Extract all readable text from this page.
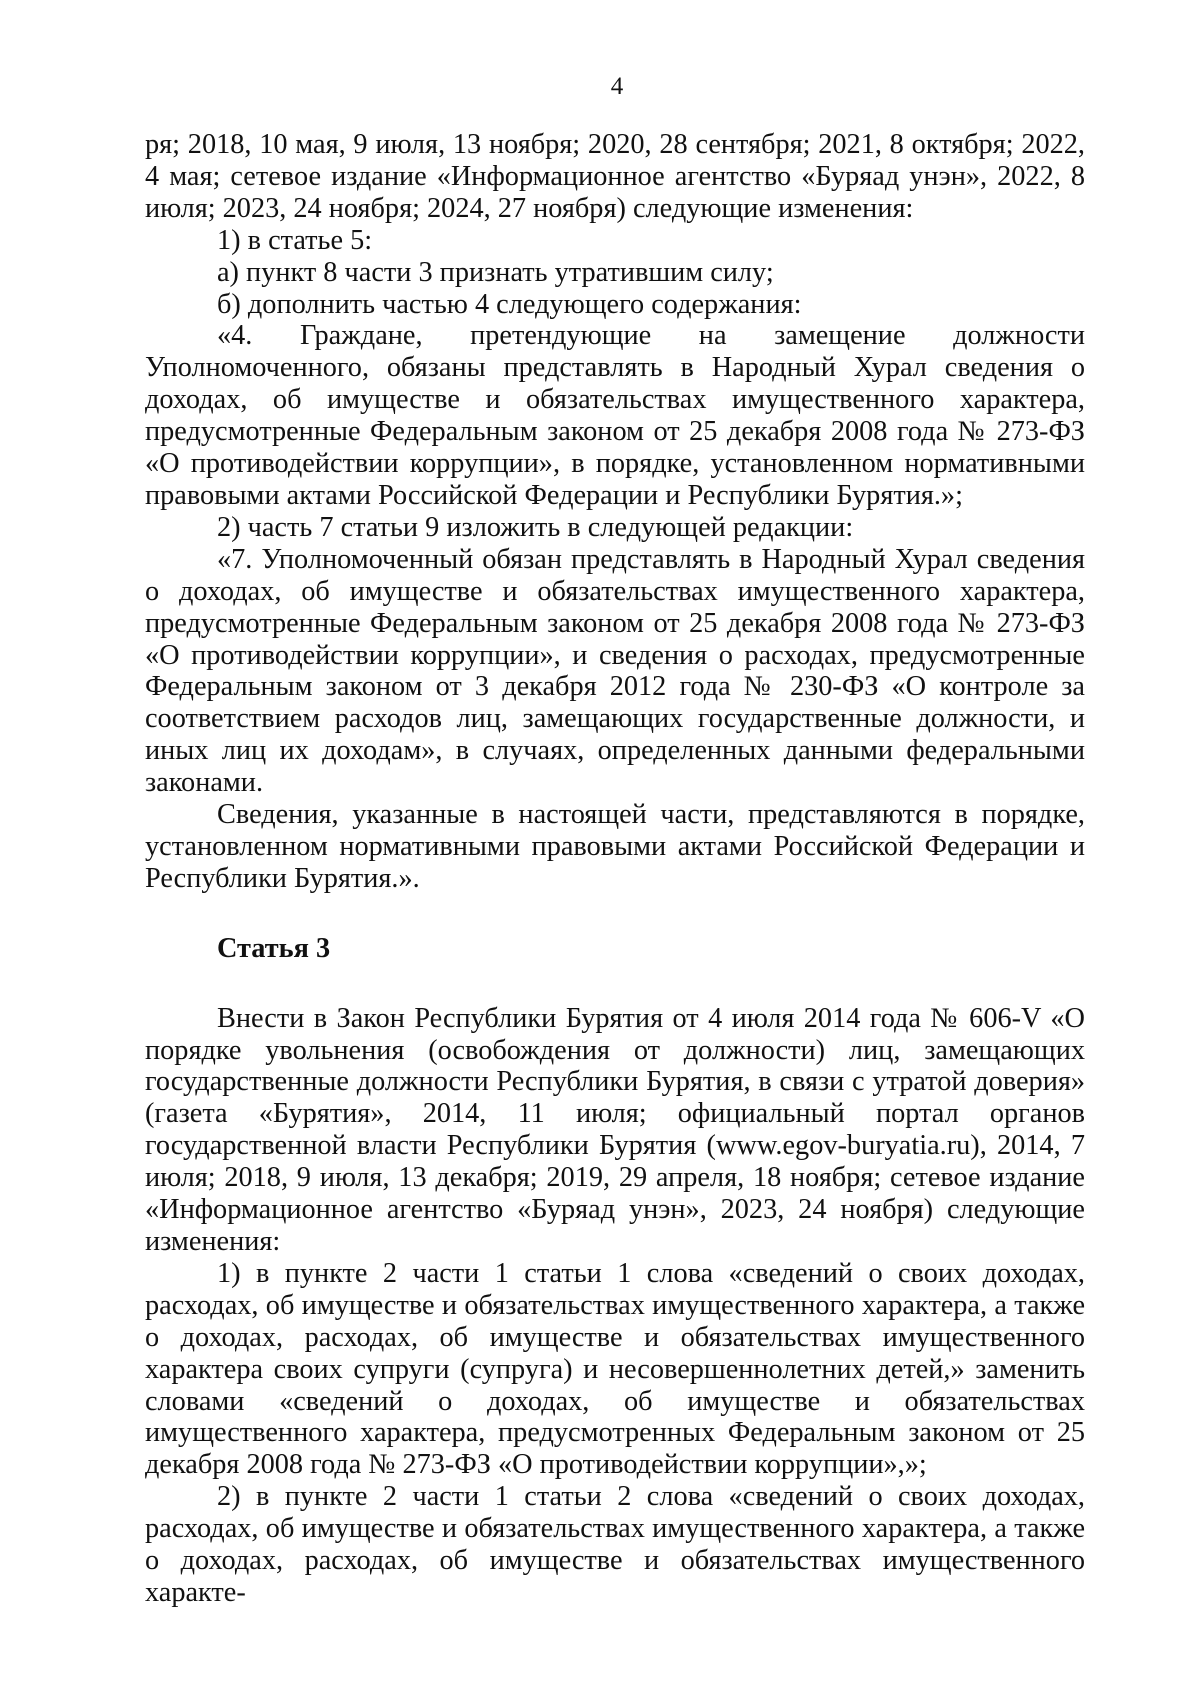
4

ря; 2018, 10 мая, 9 июля, 13 ноября; 2020, 28 сентября; 2021, 8 октября; 2022, 4 мая; сетевое издание «Информационное агентство «Буряад унэн», 2022, 8 июля; 2023, 24 ноября; 2024, 27 ноября) следующие изменения:

1) в статье 5:

а) пункт 8 части 3 признать утратившим силу;

б) дополнить частью 4 следующего содержания:

«4. Граждане, претендующие на замещение должности Уполномоченного, обязаны представлять в Народный Хурал сведения о доходах, об имуществе и обязательствах имущественного характера, предусмотренные Федеральным законом от 25 декабря 2008 года № 273-ФЗ «О противодействии коррупции», в порядке, установленном нормативными правовыми актами Российской Федерации и Республики Бурятия.»;

2) часть 7 статьи 9 изложить в следующей редакции:

«7. Уполномоченный обязан представлять в Народный Хурал сведения о доходах, об имуществе и обязательствах имущественного характера, предусмотренные Федеральным законом от 25 декабря 2008 года № 273-ФЗ «О противодействии коррупции», и сведения о расходах, предусмотренные Федеральным законом от 3 декабря 2012 года № 230-ФЗ «О контроле за соответствием расходов лиц, замещающих государственные должности, и иных лиц их доходам», в случаях, определенных данными федеральными законами.

Сведения, указанные в настоящей части, представляются в порядке, установленном нормативными правовыми актами Российской Федерации и Республики Бурятия.».

Статья 3

Внести в Закон Республики Бурятия от 4 июля 2014 года № 606-V «О порядке увольнения (освобождения от должности) лиц, замещающих государственные должности Республики Бурятия, в связи с утратой доверия» (газета «Бурятия», 2014, 11 июля; официальный портал органов государственной власти Республики Бурятия (www.egov-buryatia.ru), 2014, 7 июля; 2018, 9 июля, 13 декабря; 2019, 29 апреля, 18 ноября; сетевое издание «Информационное агентство «Буряад унэн», 2023, 24 ноября) следующие изменения:

1) в пункте 2 части 1 статьи 1 слова «сведений о своих доходах, расходах, об имуществе и обязательствах имущественного характера, а также о доходах, расходах, об имуществе и обязательствах имущественного характера своих супруги (супруга) и несовершеннолетних детей,» заменить словами «сведений о доходах, об имуществе и обязательствах имущественного характера, предусмотренных Федеральным законом от 25 декабря 2008 года № 273-ФЗ «О противодействии коррупции»,»;

2) в пункте 2 части 1 статьи 2 слова «сведений о своих доходах, расходах, об имуществе и обязательствах имущественного характера, а также о доходах, расходах, об имуществе и обязательствах имущественного характе-
